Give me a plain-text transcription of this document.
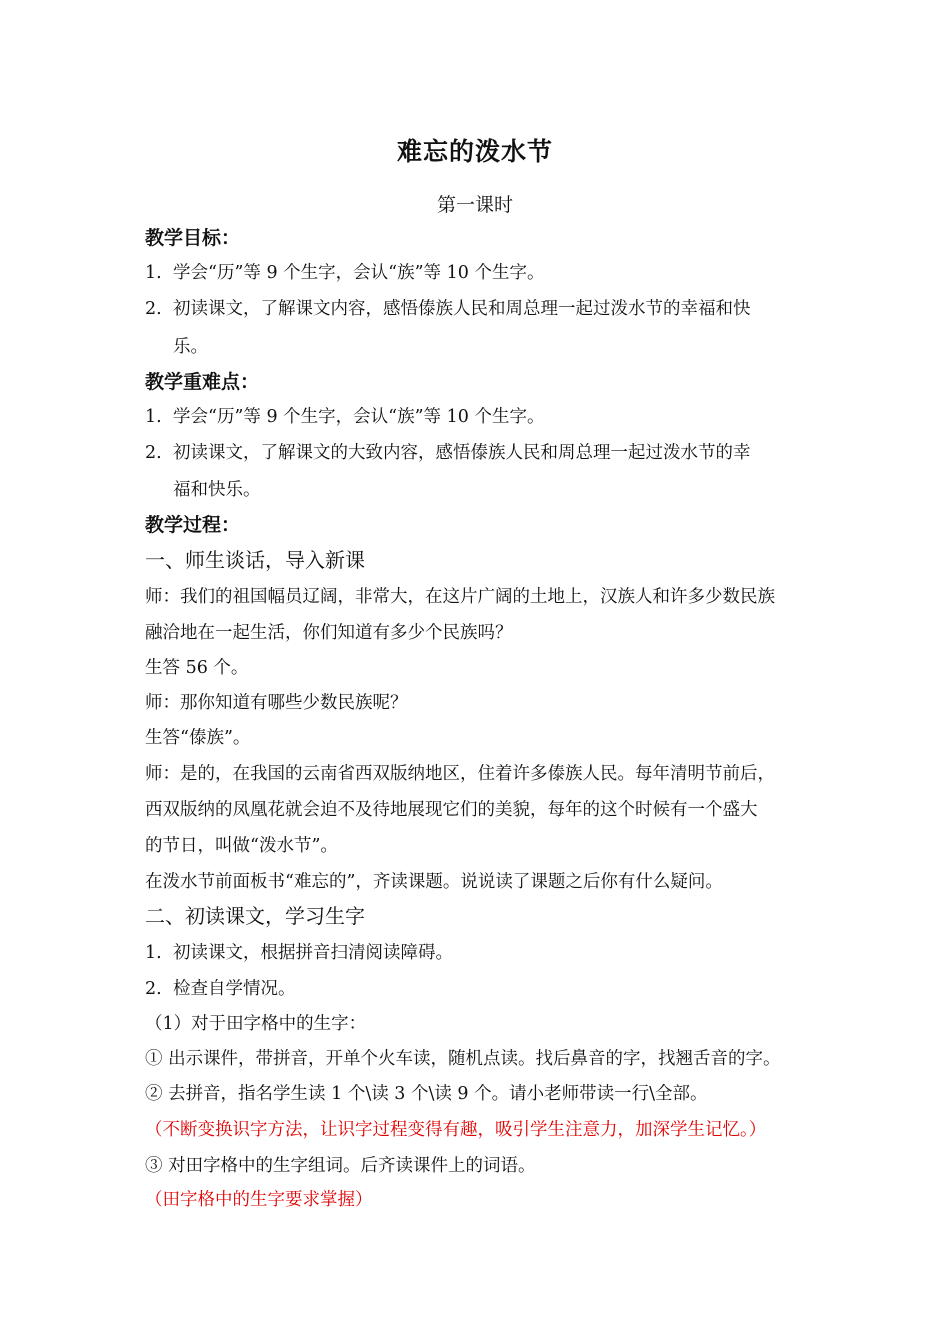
难忘的泼水节
第一课时
教学目标：
1. 学会“历”等 9 个生字，会认“族”等 10 个生字。
2. 初读课文，了解课文内容，感悟傣族人民和周总理一起过泼水节的幸福和快
乐。
教学重难点：
1. 学会“历”等 9 个生字，会认“族”等 10 个生字。
2. 初读课文，了解课文的大致内容，感悟傣族人民和周总理一起过泼水节的幸
福和快乐。
教学过程：
一、师生谈话，导入新课
师：我们的祖国幅员辽阔，非常大，在这片广阔的土地上，汉族人和许多少数民族
融洽地在一起生活，你们知道有多少个民族吗？
生答 56 个。
师：那你知道有哪些少数民族呢？
生答“傣族”。
师：是的，在我国的云南省西双版纳地区，住着许多傣族人民。每年清明节前后，
西双版纳的凤凰花就会迫不及待地展现它们的美貌，每年的这个时候有一个盛大
的节日，叫做“泼水节”。
在泼水节前面板书“难忘的”，齐读课题。说说读了课题之后你有什么疑问。
二、初读课文，学习生字
1. 初读课文，根据拼音扫清阅读障碍。
2. 检查自学情况。
（1）对于田字格中的生字：
① 出示课件，带拼音，开单个火车读，随机点读。找后鼻音的字，找翘舌音的字。
② 去拼音，指名学生读 1 个\读 3 个\读 9 个。请小老师带读一行\全部。
（不断变换识字方法，让识字过程变得有趣，吸引学生注意力，加深学生记忆。）
③ 对田字格中的生字组词。后齐读课件上的词语。
（田字格中的生字要求掌握）
